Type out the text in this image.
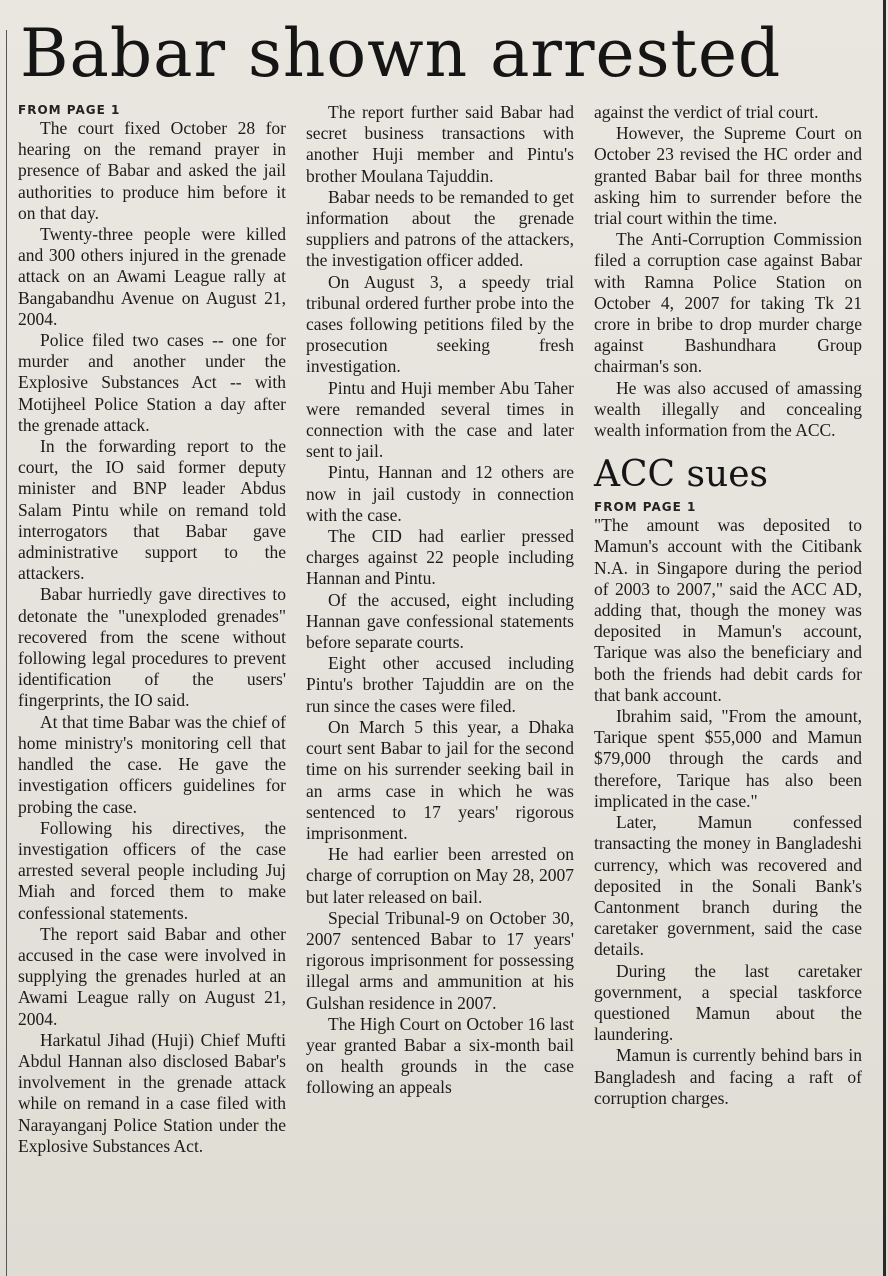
Babar shown arrested

FROM PAGE 1

The court fixed October 28 for hearing on the remand prayer in presence of Babar and asked the jail authorities to produce him before it on that day.

Twenty-three people were killed and 300 others injured in the grenade attack on an Awami League rally at Bangabandhu Avenue on August 21, 2004.

Police filed two cases -- one for murder and another under the Explosive Substances Act -- with Motijheel Police Station a day after the grenade attack.

In the forwarding report to the court, the IO said former deputy minister and BNP leader Abdus Salam Pintu while on remand told interrogators that Babar gave administrative support to the attackers.

Babar hurriedly gave directives to detonate the "unexploded grenades" recovered from the scene without following legal procedures to prevent identification of the users' fingerprints, the IO said.

At that time Babar was the chief of home ministry's monitoring cell that handled the case. He gave the investigation officers guidelines for probing the case.

Following his directives, the investigation officers of the case arrested several people including Juj Miah and forced them to make confessional statements.

The report said Babar and other accused in the case were involved in supplying the grenades hurled at an Awami League rally on August 21, 2004.

Harkatul Jihad (Huji) Chief Mufti Abdul Hannan also disclosed Babar's involvement in the grenade attack while on remand in a case filed with Narayanganj Police Station under the Explosive Substances Act.

The report further said Babar had secret business transactions with another Huji member and Pintu's brother Moulana Tajuddin.

Babar needs to be remanded to get information about the grenade suppliers and patrons of the attackers, the investigation officer added.

On August 3, a speedy trial tribunal ordered further probe into the cases following petitions filed by the prosecution seeking fresh investigation.

Pintu and Huji member Abu Taher were remanded several times in connection with the case and later sent to jail.

Pintu, Hannan and 12 others are now in jail custody in connection with the case.

The CID had earlier pressed charges against 22 people including Hannan and Pintu.

Of the accused, eight including Hannan gave confessional statements before separate courts.

Eight other accused including Pintu's brother Tajuddin are on the run since the cases were filed.

On March 5 this year, a Dhaka court sent Babar to jail for the second time on his surrender seeking bail in an arms case in which he was sentenced to 17 years' rigorous imprisonment.

He had earlier been arrested on charge of corruption on May 28, 2007 but later released on bail.

Special Tribunal-9 on October 30, 2007 sentenced Babar to 17 years' rigorous imprisonment for possessing illegal arms and ammunition at his Gulshan residence in 2007.

The High Court on October 16 last year granted Babar a six-month bail on health grounds in the case following an appeals

against the verdict of trial court.

However, the Supreme Court on October 23 revised the HC order and granted Babar bail for three months asking him to surrender before the trial court within the time.

The Anti-Corruption Commission filed a corruption case against Babar with Ramna Police Station on October 4, 2007 for taking Tk 21 crore in bribe to drop murder charge against Bashundhara Group chairman's son.

He was also accused of amassing wealth illegally and concealing wealth information from the ACC.

ACC sues

FROM PAGE 1

"The amount was deposited to Mamun's account with the Citibank N.A. in Singapore during the period of 2003 to 2007," said the ACC AD, adding that, though the money was deposited in Mamun's account, Tarique was also the beneficiary and both the friends had debit cards for that bank account.

Ibrahim said, "From the amount, Tarique spent $55,000 and Mamun $79,000 through the cards and therefore, Tarique has also been implicated in the case."

Later, Mamun confessed transacting the money in Bangladeshi currency, which was recovered and deposited in the Sonali Bank's Cantonment branch during the caretaker government, said the case details.

During the last caretaker government, a special taskforce questioned Mamun about the laundering.

Mamun is currently behind bars in Bangladesh and facing a raft of corruption charges.
